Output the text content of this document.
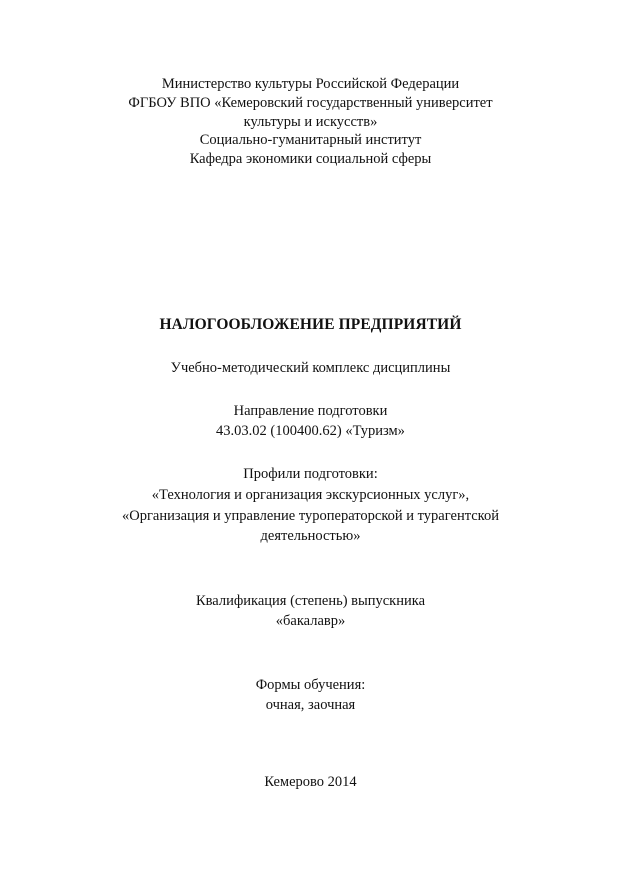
Министерство культуры Российской Федерации
ФГБОУ ВПО «Кемеровский государственный университет
культуры и искусств»
Социально-гуманитарный институт
Кафедра экономики социальной сферы
НАЛОГООБЛОЖЕНИЕ ПРЕДПРИЯТИЙ
Учебно-методический комплекс дисциплины
Направление подготовки
43.03.02 (100400.62) «Туризм»
Профили подготовки:
«Технология и организация экскурсионных услуг»,
«Организация и управление туроператорской и турагентской
деятельностью»
Квалификация (степень) выпускника
«бакалавр»
Формы обучения:
очная, заочная
Кемерово 2014
